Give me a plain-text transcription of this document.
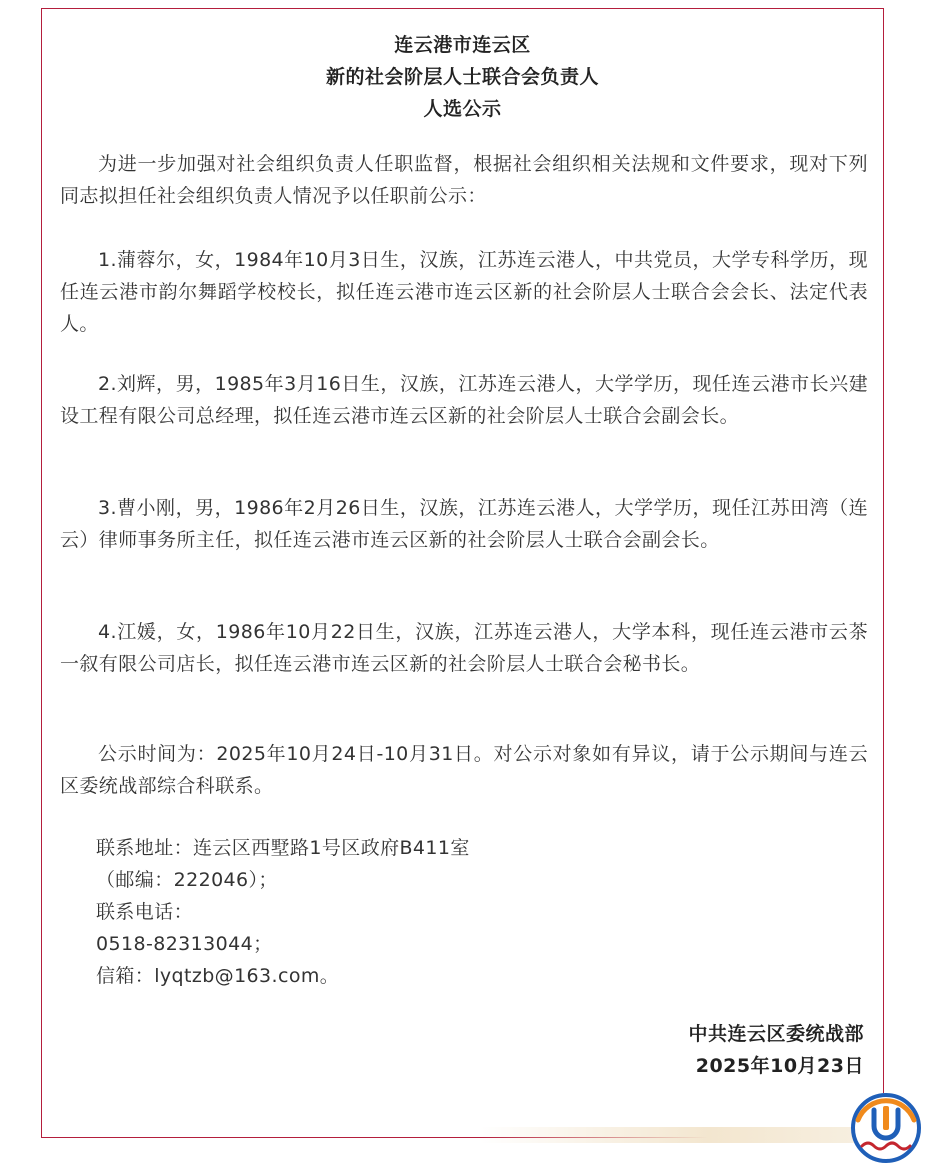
连云港市连云区
新的社会阶层人士联合会负责人
人选公示

为进一步加强对社会组织负责人任职监督，根据社会组织相关法规和文件要求，现对下列同志拟担任社会组织负责人情况予以任职前公示：

1.蒲蓉尔，女，1984年10月3日生，汉族，江苏连云港人，中共党员，大学专科学历，现任连云港市韵尔舞蹈学校校长，拟任连云港市连云区新的社会阶层人士联合会会长、法定代表人。

2.刘辉，男，1985年3月16日生，汉族，江苏连云港人，大学学历，现任连云港市长兴建设工程有限公司总经理，拟任连云港市连云区新的社会阶层人士联合会副会长。

3.曹小刚，男，1986年2月26日生，汉族，江苏连云港人，大学学历，现任江苏田湾（连云）律师事务所主任，拟任连云港市连云区新的社会阶层人士联合会副会长。

4.江媛，女，1986年10月22日生，汉族，江苏连云港人，大学本科，现任连云港市云茶一叙有限公司店长，拟任连云港市连云区新的社会阶层人士联合会秘书长。

公示时间为：2025年10月24日-10月31日。对公示对象如有异议，请于公示期间与连云区委统战部综合科联系。

联系地址：连云区西墅路1号区政府B411室

（邮编：222046）；

联系电话：

0518-82313044；

信箱：lyqtzb@163.com。

中共连云区委统战部
2025年10月23日
